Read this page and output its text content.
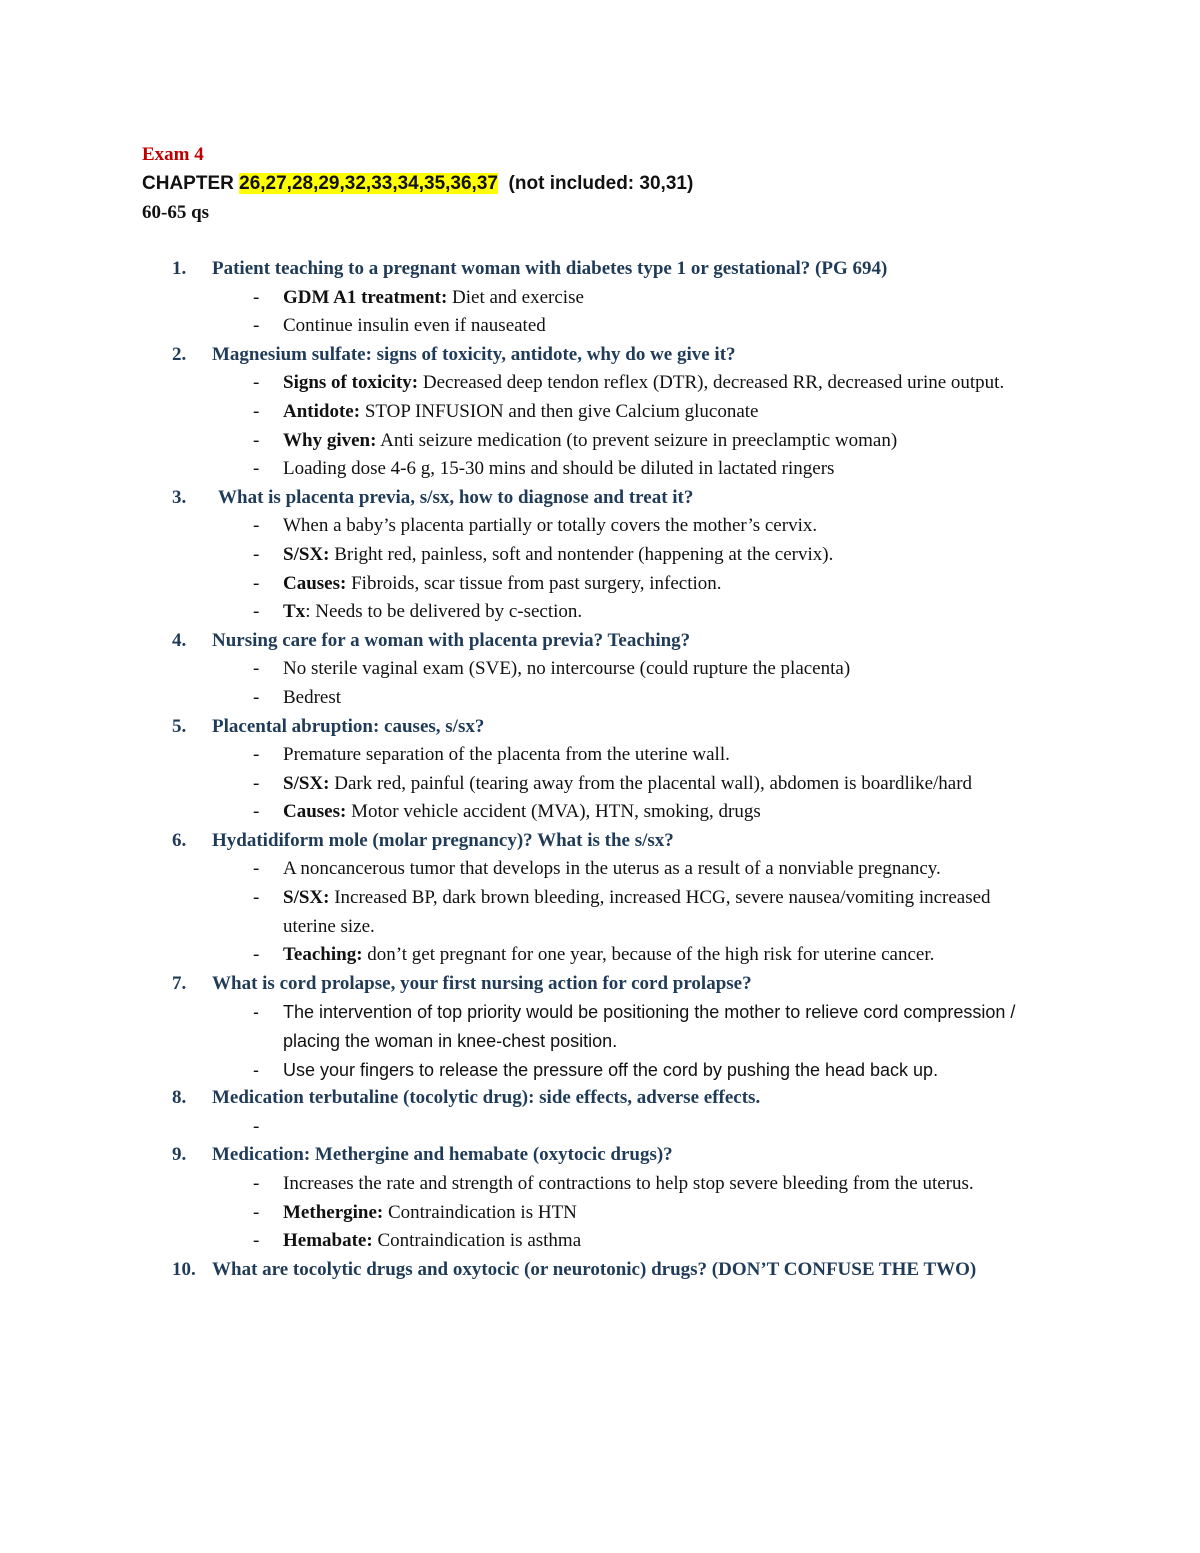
Exam 4
CHAPTER 26,27,28,29,32,33,34,35,36,37 (not included: 30,31)
60-65 qs
1.	Patient teaching to a pregnant woman with diabetes type 1 or gestational? (PG 694)
- GDM A1 treatment: Diet and exercise
- Continue insulin even if nauseated
2.	Magnesium sulfate: signs of toxicity, antidote, why do we give it?
- Signs of toxicity: Decreased deep tendon reflex (DTR), decreased RR, decreased urine output.
- Antidote: STOP INFUSION and then give Calcium gluconate
- Why given: Anti seizure medication (to prevent seizure in preeclamptic woman)
- Loading dose 4-6 g, 15-30 mins and should be diluted in lactated ringers
3.	What is placenta previa, s/sx, how to diagnose and treat it?
- When a baby’s placenta partially or totally covers the mother’s cervix.
- S/SX: Bright red, painless, soft and nontender (happening at the cervix).
- Causes: Fibroids, scar tissue from past surgery, infection.
- Tx: Needs to be delivered by c-section.
4.	Nursing care for a woman with placenta previa? Teaching?
- No sterile vaginal exam (SVE), no intercourse (could rupture the placenta)
- Bedrest
5.	Placental abruption: causes, s/sx?
- Premature separation of the placenta from the uterine wall.
- S/SX: Dark red, painful (tearing away from the placental wall), abdomen is boardlike/hard
- Causes: Motor vehicle accident (MVA), HTN, smoking, drugs
6.	Hydatidiform mole (molar pregnancy)? What is the s/sx?
- A noncancerous tumor that develops in the uterus as a result of a nonviable pregnancy.
- S/SX: Increased BP, dark brown bleeding, increased HCG, severe nausea/vomiting increased uterine size.
- Teaching: don’t get pregnant for one year, because of the high risk for uterine cancer.
7.	What is cord prolapse, your first nursing action for cord prolapse?
- The intervention of top priority would be positioning the mother to relieve cord compression / placing the woman in knee-chest position.
- Use your fingers to release the pressure off the cord by pushing the head back up.
8.	Medication terbutaline (tocolytic drug): side effects, adverse effects.
-
9.	Medication: Methergine and hemabate (oxytocic drugs)?
- Increases the rate and strength of contractions to help stop severe bleeding from the uterus.
- Methergine: Contraindication is HTN
- Hemabate: Contraindication is asthma
10. What are tocolytic drugs and oxytocic (or neurotonic) drugs? (DON’T CONFUSE THE TWO)
